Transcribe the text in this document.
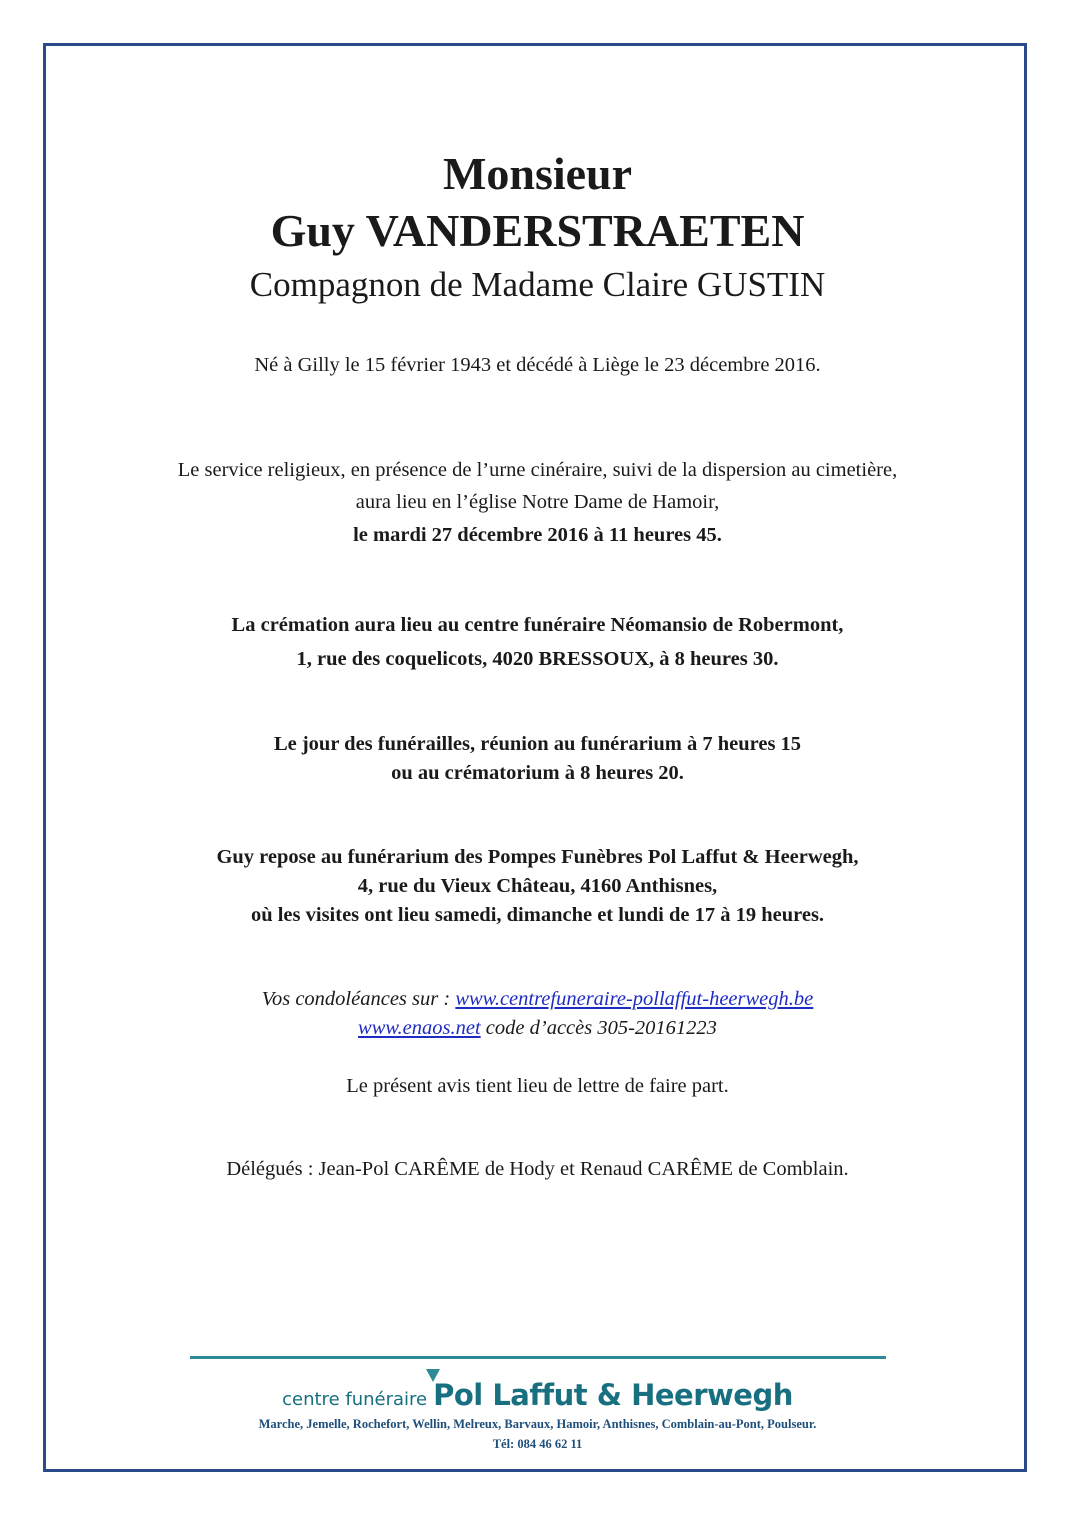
Monsieur
Guy VANDERSTRAETEN
Compagnon de Madame Claire GUSTIN
Né à Gilly le 15 février 1943 et décédé à Liège le 23 décembre 2016.
Le service religieux, en présence de l’urne cinéraire, suivi de la dispersion au cimetière,
aura lieu en l’église Notre Dame de Hamoir,
le mardi 27 décembre 2016 à 11 heures 45.
La crémation aura lieu au centre funéraire Néomansio de Robermont,
1, rue des coquelicots, 4020 BRESSOUX, à 8 heures 30.
Le jour des funérailles, réunion au funérarium à 7 heures 15
ou au crématorium à 8 heures 20.
Guy repose au funérarium des Pompes Funèbres Pol Laffut & Heerwegh,
4, rue du Vieux Château, 4160 Anthisnes,
où les visites ont lieu samedi, dimanche et lundi de 17 à 19 heures.
Vos condoléances sur : www.centrefuneraire-pollaffut-heerwegh.be
www.enaos.net code d’accès 305-20161223
Le présent avis tient lieu de lettre de faire part.
Délégués : Jean-Pol CARÊME de Hody et Renaud CARÊME de Comblain.
centre funéraire Pol Laffut & Heerwegh
Marche, Jemelle, Rochefort, Wellin, Melreux, Barvaux, Hamoir, Anthisnes, Comblain-au-Pont, Poulseur.
Tél: 084 46 62 11
